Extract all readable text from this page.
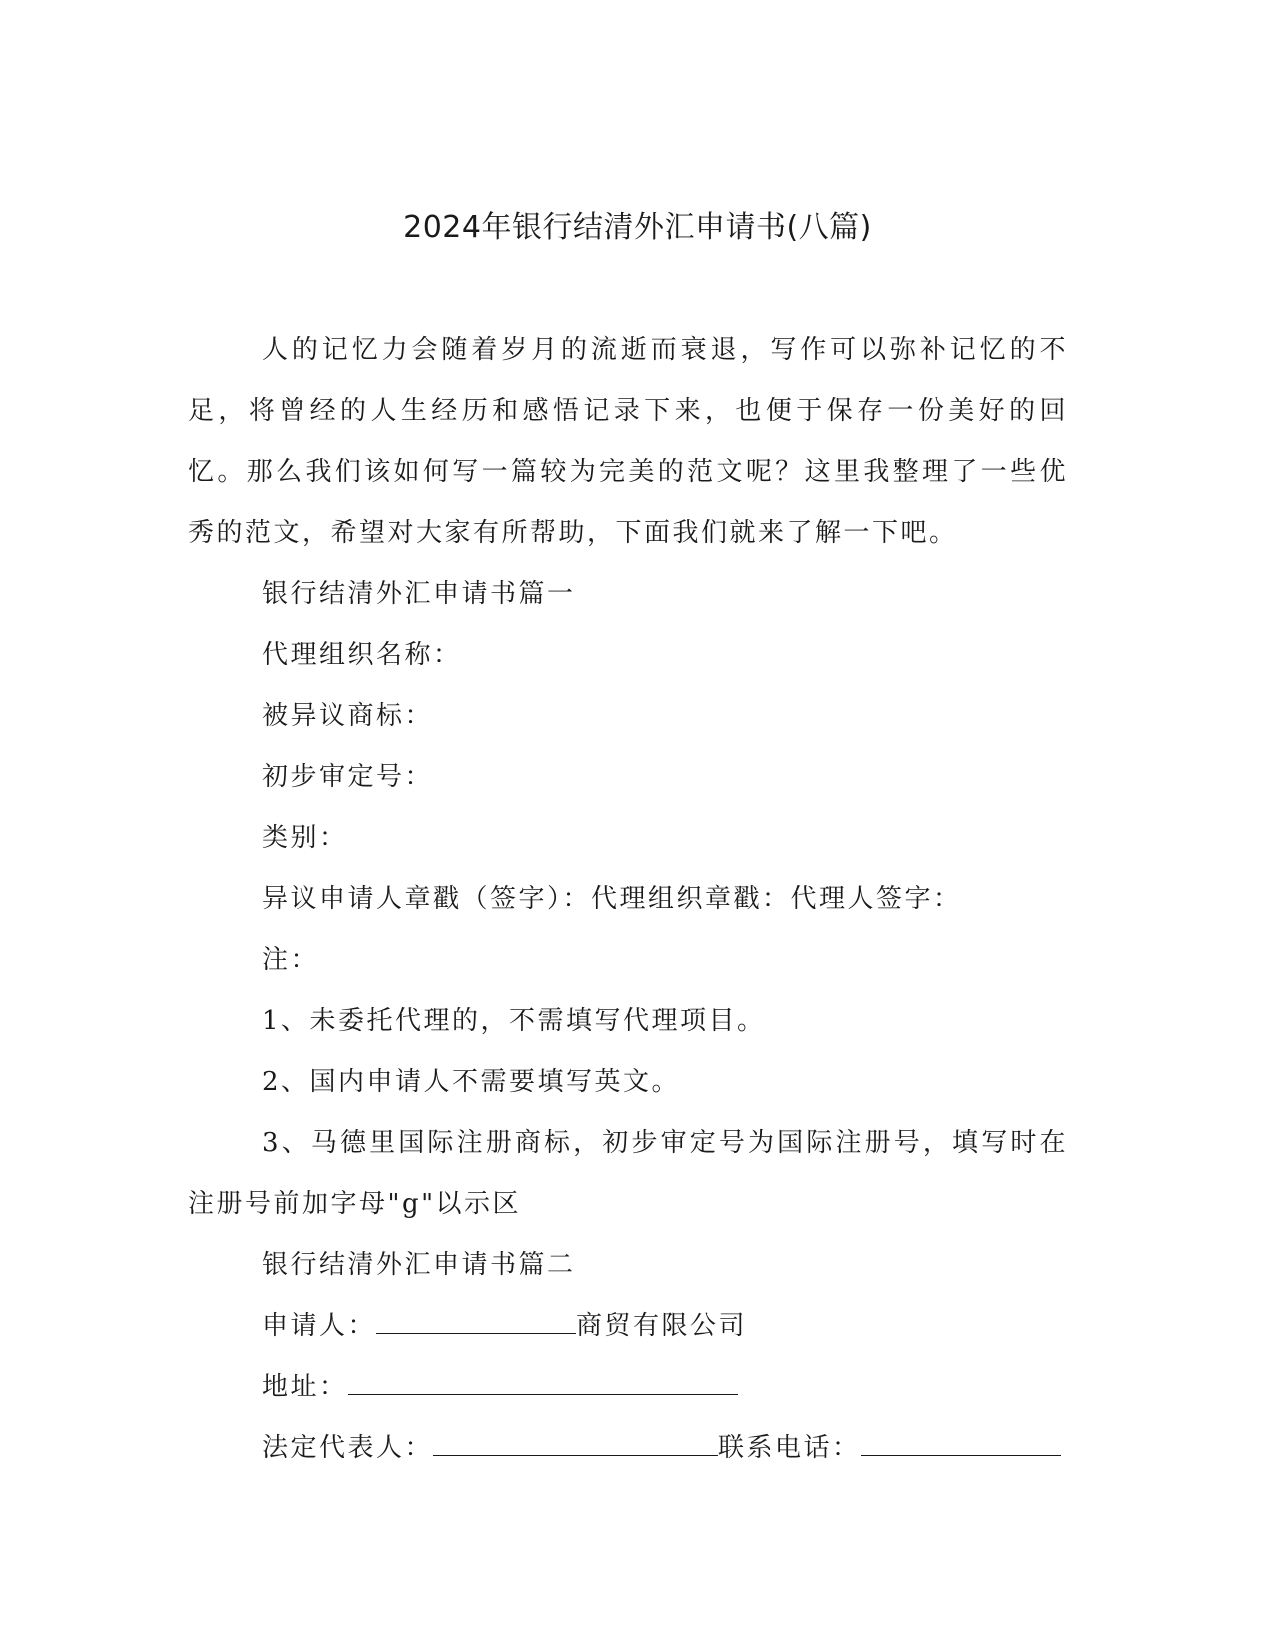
2024年银行结清外汇申请书(八篇)

人的记忆力会随着岁月的流逝而衰退，写作可以弥补记忆的不足，将曾经的人生经历和感悟记录下来，也便于保存一份美好的回忆。那么我们该如何写一篇较为完美的范文呢？这里我整理了一些优秀的范文，希望对大家有所帮助，下面我们就来了解一下吧。

银行结清外汇申请书篇一

代理组织名称：

被异议商标：

初步审定号：

类别：

异议申请人章戳（签字）：代理组织章戳：代理人签字：

注：

1、未委托代理的，不需填写代理项目。

2、国内申请人不需要填写英文。

3、马德里国际注册商标，初步审定号为国际注册号，填写时在注册号前加字母"g"以示区

银行结清外汇申请书篇二

申请人：	商贸有限公司

地址：

法定代表人：	联系电话：
